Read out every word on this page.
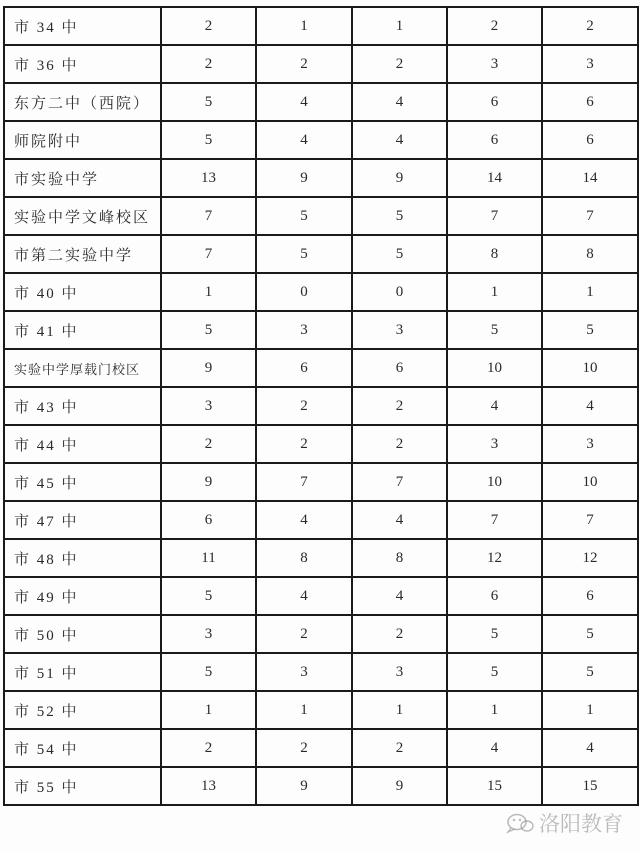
市 34 中	2	1	1	2	2
市 36 中	2	2	2	3	3
东方二中（西院）	5	4	4	6	6
师院附中	5	4	4	6	6
市实验中学	13	9	9	14	14
实验中学文峰校区	7	5	5	7	7
市第二实验中学	7	5	5	8	8
市 40 中	1	0	0	1	1
市 41 中	5	3	3	5	5
实验中学厚载门校区	9	6	6	10	10
市 43 中	3	2	2	4	4
市 44 中	2	2	2	3	3
市 45 中	9	7	7	10	10
市 47 中	6	4	4	7	7
市 48 中	11	8	8	12	12
市 49 中	5	4	4	6	6
市 50 中	3	2	2	5	5
市 51 中	5	3	3	5	5
市 52 中	1	1	1	1	1
市 54 中	2	2	2	4	4
市 55 中	13	9	9	15	15
洛阳教育
